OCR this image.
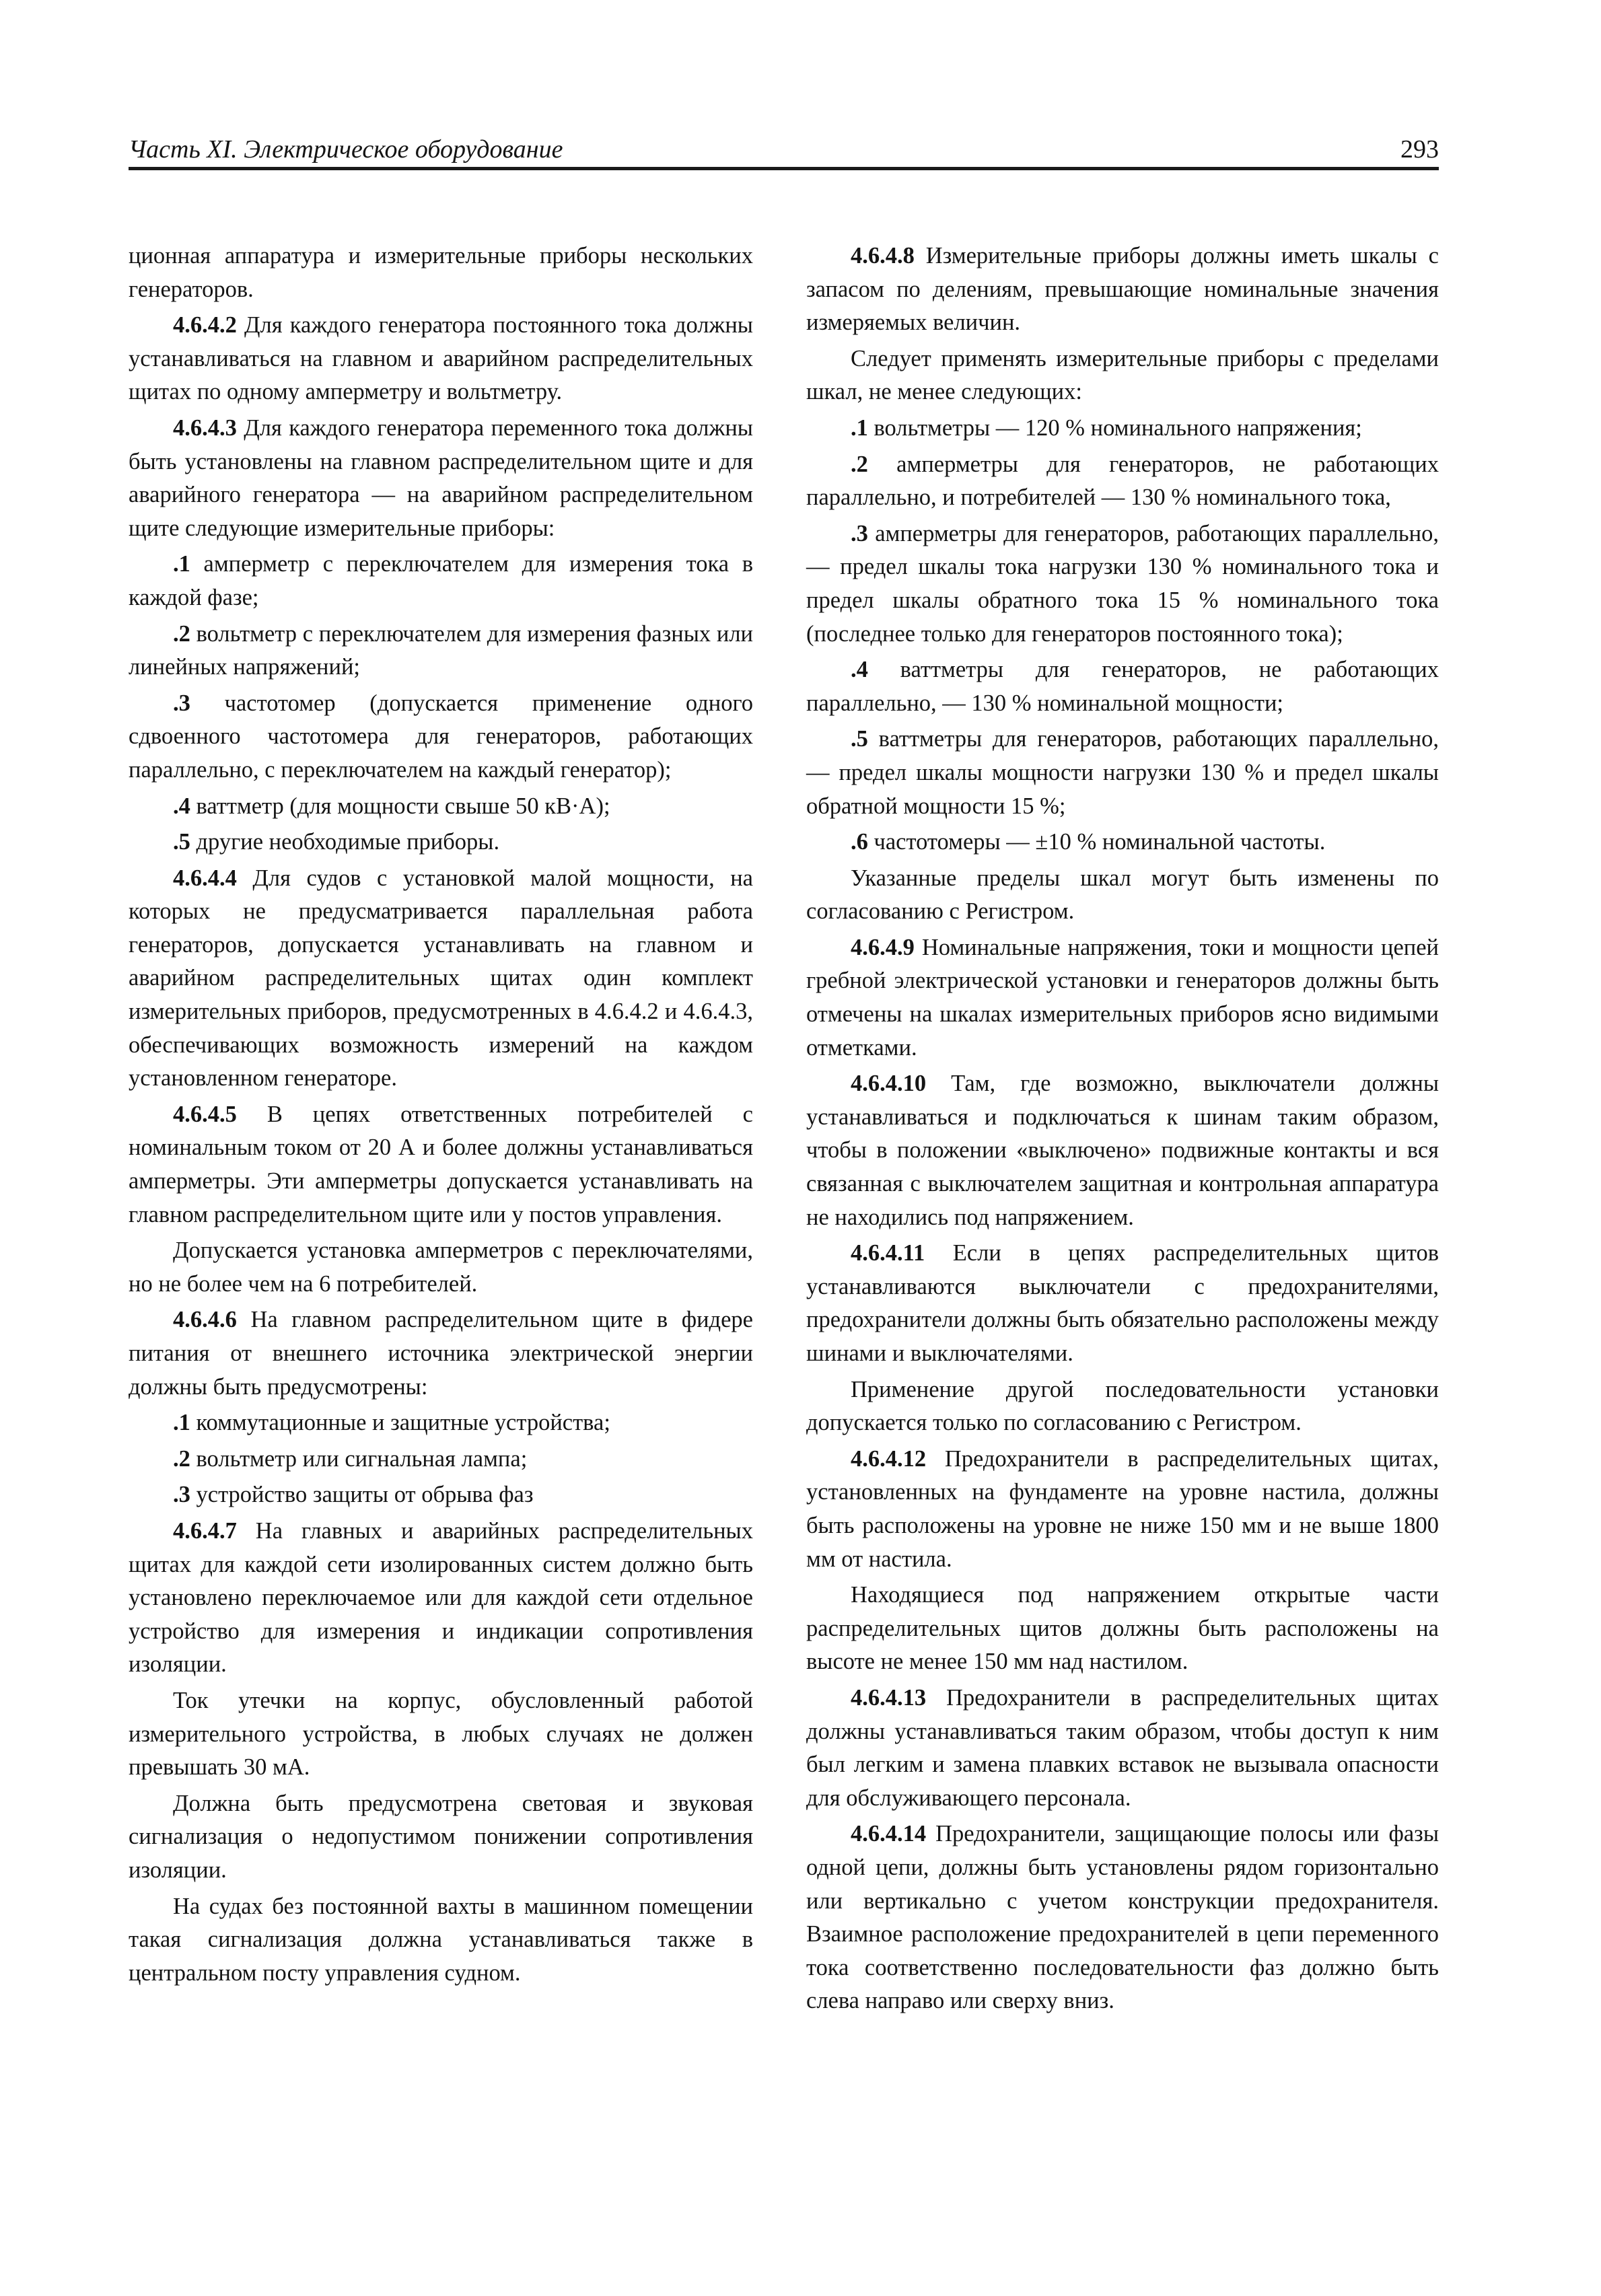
Часть XI. Электрическое оборудование	293

ционная аппаратура и измерительные приборы нескольких генераторов.

4.6.4.2 Для каждого генератора постоянного тока должны устанавливаться на главном и аварийном распределительных щитах по одному амперметру и вольтметру.

4.6.4.3 Для каждого генератора переменного тока должны быть установлены на главном распределительном щите и для аварийного генератора — на аварийном распределительном щите следующие измерительные приборы:

.1 амперметр с переключателем для измерения тока в каждой фазе;

.2 вольтметр с переключателем для измерения фазных или линейных напряжений;

.3 частотомер (допускается применение одного сдвоенного частотомера для генераторов, работающих параллельно, с переключателем на каждый генератор);

.4 ваттметр (для мощности свыше 50 кВ·А);

.5 другие необходимые приборы.

4.6.4.4 Для судов с установкой малой мощности, на которых не предусматривается параллельная работа генераторов, допускается устанавливать на главном и аварийном распределительных щитах один комплект измерительных приборов, предусмотренных в 4.6.4.2 и 4.6.4.3, обеспечивающих возможность измерений на каждом установленном генераторе.

4.6.4.5 В цепях ответственных потребителей с номинальным током от 20 А и более должны устанавливаться амперметры. Эти амперметры допускается устанавливать на главном распределительном щите или у постов управления.

Допускается установка амперметров с переключателями, но не более чем на 6 потребителей.

4.6.4.6 На главном распределительном щите в фидере питания от внешнего источника электрической энергии должны быть предусмотрены:

.1 коммутационные и защитные устройства;

.2 вольтметр или сигнальная лампа;

.3 устройство защиты от обрыва фаз

4.6.4.7 На главных и аварийных распределительных щитах для каждой сети изолированных систем должно быть установлено переключаемое или для каждой сети отдельное устройство для измерения и индикации сопротивления изоляции.

Ток утечки на корпус, обусловленный работой измерительного устройства, в любых случаях не должен превышать 30 мА.

Должна быть предусмотрена световая и звуковая сигнализация о недопустимом понижении сопротивления изоляции.

На судах без постоянной вахты в машинном помещении такая сигнализация должна устанавливаться также в центральном посту управления судном.

4.6.4.8 Измерительные приборы должны иметь шкалы с запасом по делениям, превышающие номинальные значения измеряемых величин.

Следует применять измерительные приборы с пределами шкал, не менее следующих:

.1 вольтметры — 120 % номинального напряжения;

.2 амперметры для генераторов, не работающих параллельно, и потребителей — 130 % номинального тока,

.3 амперметры для генераторов, работающих параллельно, — предел шкалы тока нагрузки 130 % номинального тока и предел шкалы обратного тока 15 % номинального тока (последнее только для генераторов постоянного тока);

.4 ваттметры для генераторов, не работающих параллельно, — 130 % номинальной мощности;

.5 ваттметры для генераторов, работающих параллельно, — предел шкалы мощности нагрузки 130 % и предел шкалы обратной мощности 15 %;

.6 частотомеры — ±10 % номинальной частоты.

Указанные пределы шкал могут быть изменены по согласованию с Регистром.

4.6.4.9 Номинальные напряжения, токи и мощности цепей гребной электрической установки и генераторов должны быть отмечены на шкалах измерительных приборов ясно видимыми отметками.

4.6.4.10 Там, где возможно, выключатели должны устанавливаться и подключаться к шинам таким образом, чтобы в положении «выключено» подвижные контакты и вся связанная с выключателем защитная и контрольная аппаратура не находились под напряжением.

4.6.4.11 Если в цепях распределительных щитов устанавливаются выключатели с предохранителями, предохранители должны быть обязательно расположены между шинами и выключателями.

Применение другой последовательности установки допускается только по согласованию с Регистром.

4.6.4.12 Предохранители в распределительных щитах, установленных на фундаменте на уровне настила, должны быть расположены на уровне не ниже 150 мм и не выше 1800 мм от настила.

Находящиеся под напряжением открытые части распределительных щитов должны быть расположены на высоте не менее 150 мм над настилом.

4.6.4.13 Предохранители в распределительных щитах должны устанавливаться таким образом, чтобы доступ к ним был легким и замена плавких вставок не вызывала опасности для обслуживающего персонала.

4.6.4.14 Предохранители, защищающие полосы или фазы одной цепи, должны быть установлены рядом горизонтально или вертикально с учетом конструкции предохранителя. Взаимное расположение предохранителей в цепи переменного тока соответственно последовательности фаз должно быть слева направо или сверху вниз.
